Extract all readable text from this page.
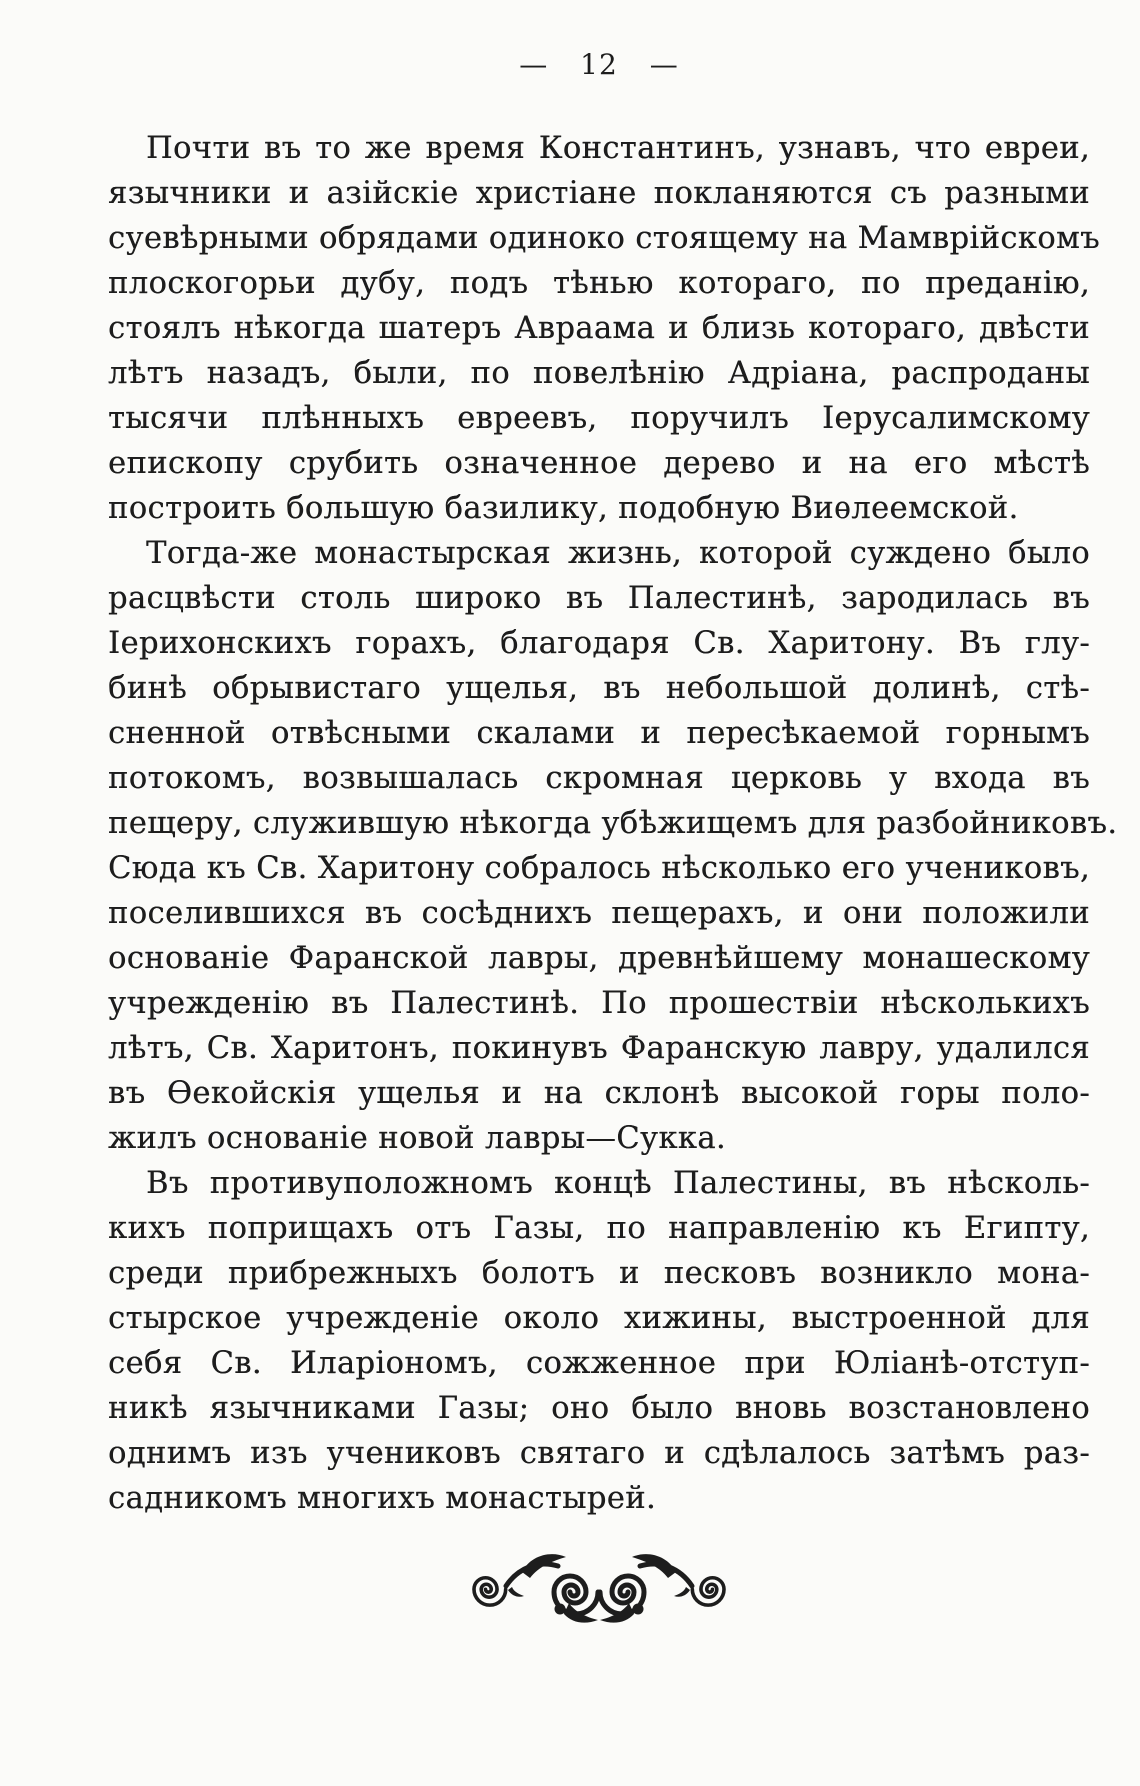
— 12 —

Почти въ то же время Константинъ, узнавъ, что евреи,
язычники и азійскіе христіане покланяются съ разными
суевѣрными обрядами одиноко стоящему на Мамврійскомъ
плоскогорьи дубу, подъ тѣнью котораго, по преданію,
стоялъ нѣкогда шатеръ Авраама и близь котораго, двѣсти
лѣтъ назадъ, были, по повелѣнію Адріана, распроданы
тысячи плѣнныхъ евреевъ, поручилъ Іерусалимскому
епископу срубить означенное дерево и на его мѣстѣ
построить большую базилику, подобную Виѳлеемской.

Тогда-же монастырская жизнь, которой суждено было
расцвѣсти столь широко въ Палестинѣ, зародилась въ
Іерихонскихъ горахъ, благодаря Св. Харитону. Въ глу-
бинѣ обрывистаго ущелья, въ небольшой долинѣ, стѣ-
сненной отвѣсными скалами и пересѣкаемой горнымъ
потокомъ, возвышалась скромная церковь у входа въ
пещеру, служившую нѣкогда убѣжищемъ для разбойниковъ.
Сюда къ Св. Харитону собралось нѣсколько его учениковъ,
поселившихся въ сосѣднихъ пещерахъ, и они положили
основаніе Фаранской лавры, древнѣйшему монашескому
учрежденію въ Палестинѣ. По прошествіи нѣсколькихъ
лѣтъ, Св. Харитонъ, покинувъ Фаранскую лавру, удалился
въ Ѳекойскія ущелья и на склонѣ высокой горы поло-
жилъ основаніе новой лавры—Сукка.

Въ противуположномъ концѣ Палестины, въ нѣсколь-
кихъ поприщахъ отъ Газы, по направленію къ Египту,
среди прибрежныхъ болотъ и песковъ возникло мона-
стырское учрежденіе около хижины, выстроенной для
себя Св. Иларіономъ, сожженное при Юліанѣ-отступ-
никѣ язычниками Газы; оно было вновь возстановлено
однимъ изъ учениковъ святаго и сдѣлалось затѣмъ раз-
садникомъ многихъ монастырей.
